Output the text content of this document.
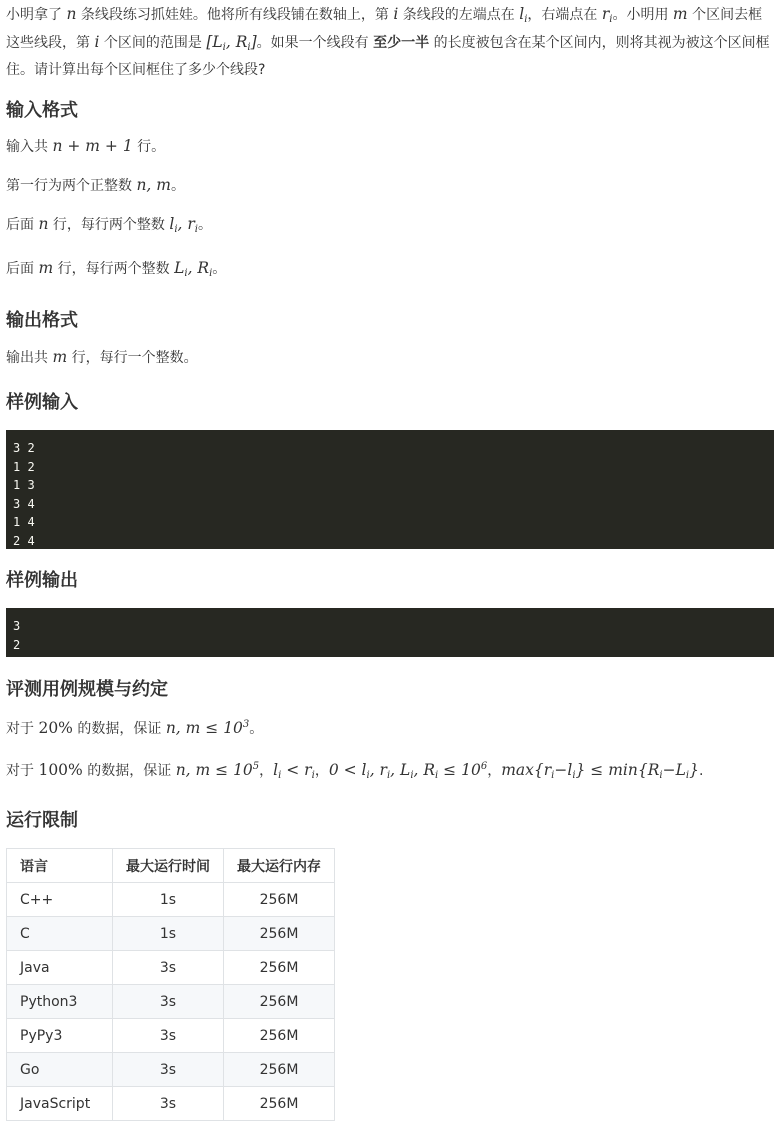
小明拿了 n 条线段练习抓娃娃。他将所有线段铺在数轴上，第 i 条线段的左端点在 $l_i$，右端点在 $r_i$。小明用 m 个区间去框这些线段，第 i 个区间的范围是 [$L_i$, $R_i$]。如果一个线段有 至少一半 的长度被包含在某个区间内，则将其视为被这个区间框住。请计算出每个区间框住了多少个线段?

输入格式

输入共 n + m + 1 行。

第一行为两个正整数 n, m。

后面 n 行，每行两个整数 $l_i$, $r_i$。

后面 m 行，每行两个整数 $L_i$, $R_i$。

输出格式

输出共 m 行，每行一个整数。

样例输入
3 2
1 2
1 3
3 4
1 4
2 4
样例输出
3
2
评测用例规模与约定

对于 20% 的数据，保证 n, $m \le 10^3$。

对于 100% 的数据，保证 n, $m \le 10^5$，$l_i < r_i$，$0 < l_i$, $r_i$, $L_i$, $R_i \le 10^6$，$\max\{r_i-l_i\} \le \min\{R_i-L_i\}$.

运行限制
语言	最大运行时间	最大运行内存
C++	1s	256M
C	1s	256M
Java	3s	256M
Python3	3s	256M
PyPy3	3s	256M
Go	3s	256M
JavaScript	3s	256M
